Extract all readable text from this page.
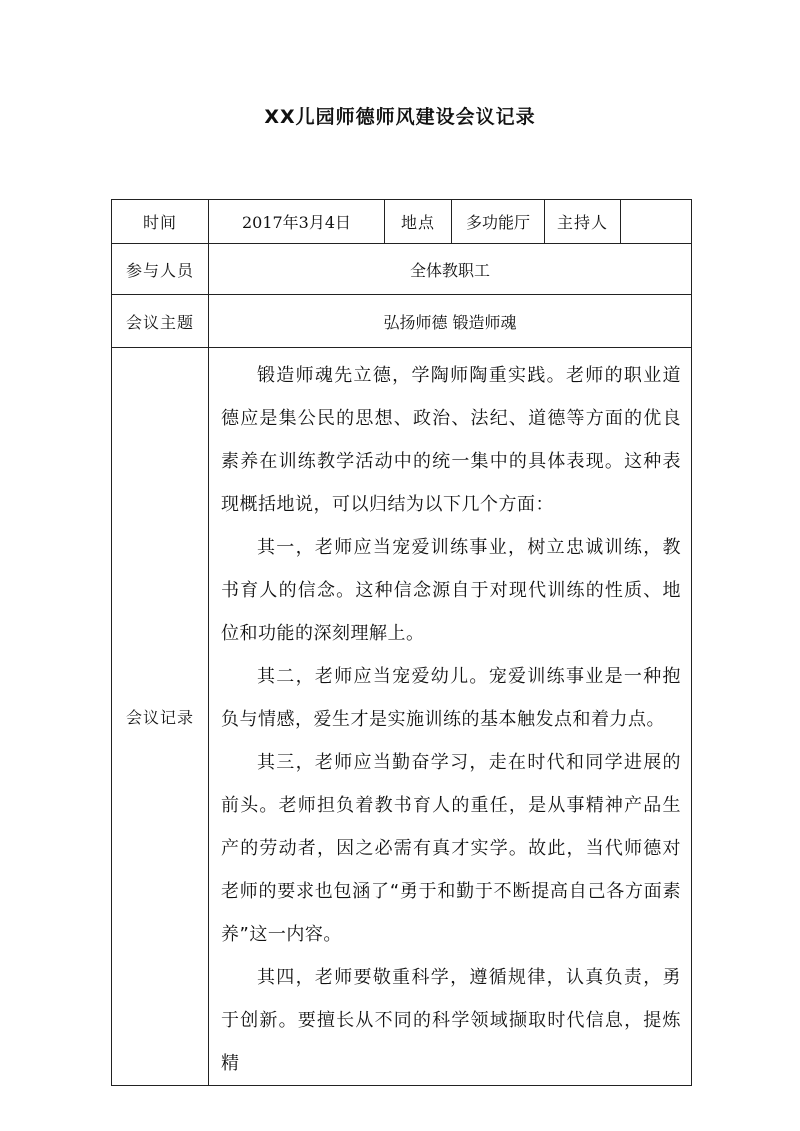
XX儿园师德师风建设会议记录
时间	2017年3月4日	地点	多功能厅	主持人	
参与人员	全体教职工				
会议主题	弘扬师德 锻造师魂				
会议记录	锻造师魂先立德，学陶师陶重实践。老师的职业道德应是集公民的思想、政治、法纪、道德等方面的优良素养在训练教学活动中的统一集中的具体表现。这种表现概括地说，可以归结为以下几个方面：

其一，老师应当宠爱训练事业，树立忠诚训练，教书育人的信念。这种信念源自于对现代训练的性质、地位和功能的深刻理解上。

其二，老师应当宠爱幼儿。宠爱训练事业是一种抱负与情感，爱生才是实施训练的基本触发点和着力点。

其三，老师应当勤奋学习，走在时代和同学进展的前头。老师担负着教书育人的重任，是从事精神产品生产的劳动者，因之必需有真才实学。故此，当代师德对老师的要求也包涵了“勇于和勤于不断提高自己各方面素养”这一内容。

其四，老师要敬重科学，遵循规律，认真负责，勇于创新。要擅长从不同的科学领域撷取时代信息，提炼精				
